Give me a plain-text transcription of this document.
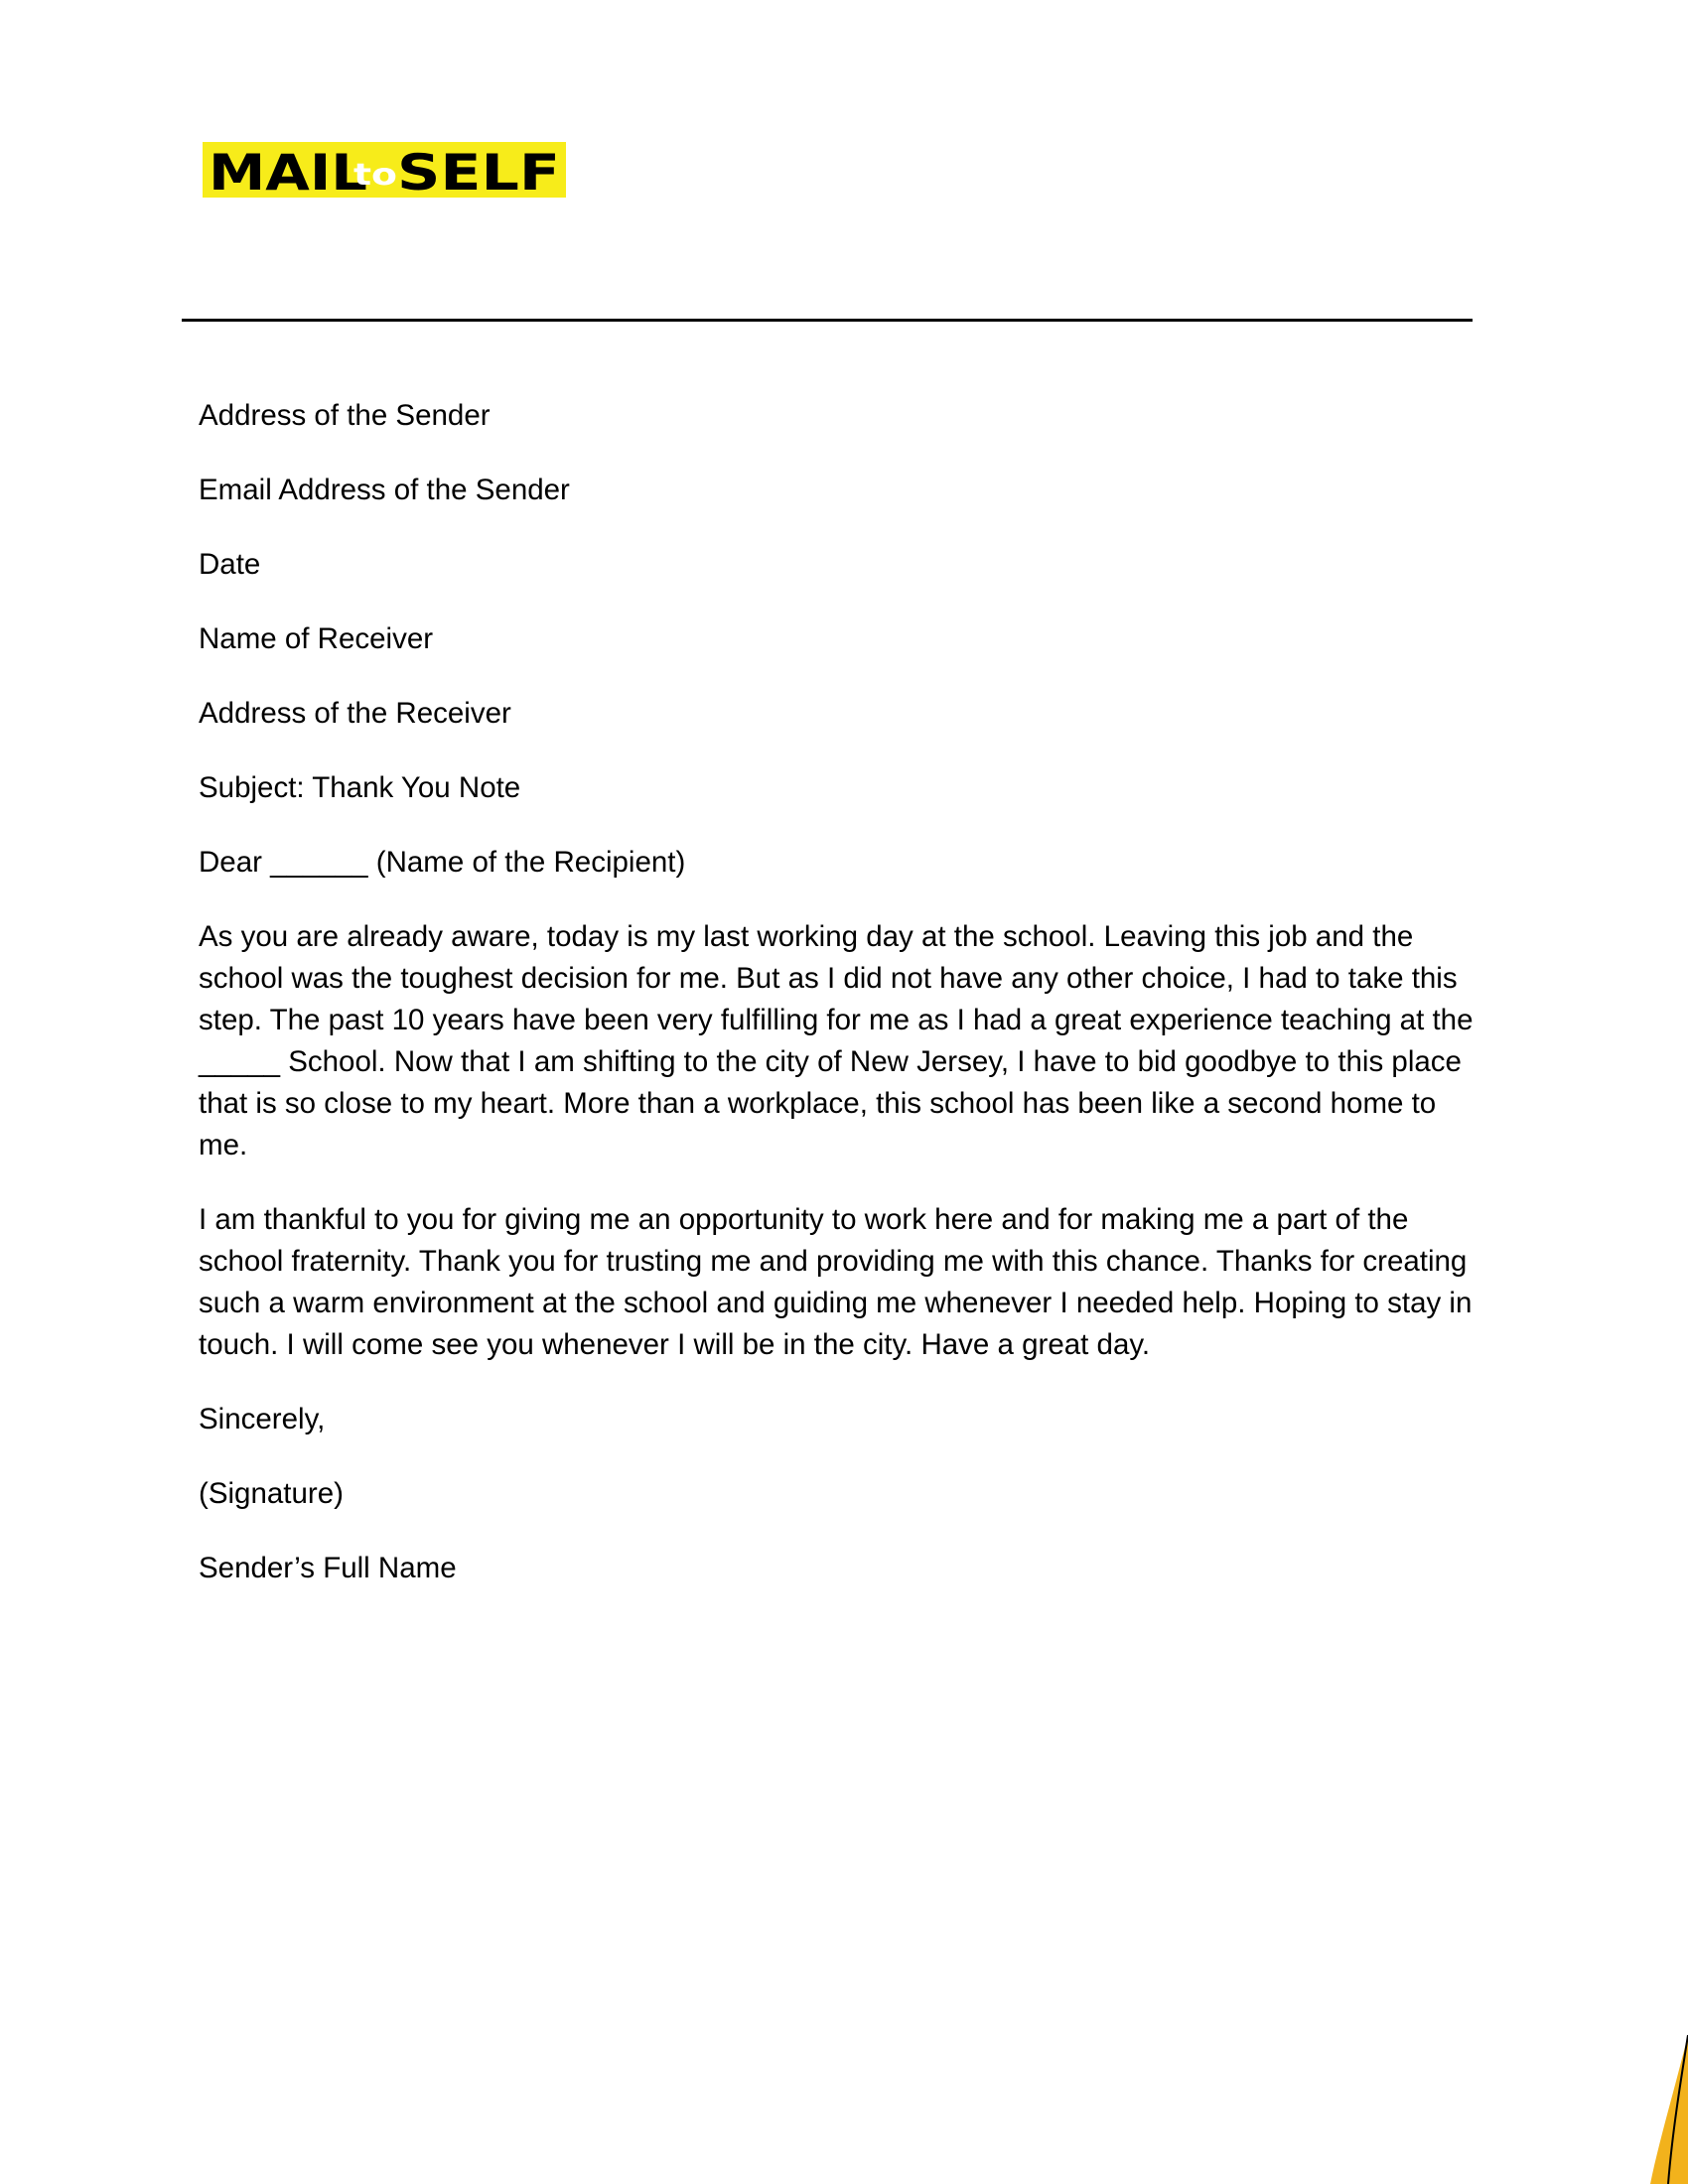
MAIL
to SELF

Address of the Sender

Email Address of the Sender

Date

Name of Receiver

Address of the Receiver

Subject: Thank You Note

Dear ______ (Name of the Recipient)

As you are already aware, today is my last working day at the school. Leaving this job and the school was the toughest decision for me. But as I did not have any other choice, I had to take this step. The past 10 years have been very fulfilling for me as I had a great experience teaching at the _____ School. Now that I am shifting to the city of New Jersey, I have to bid goodbye to this place that is so close to my heart. More than a workplace, this school has been like a second home to me.

I am thankful to you for giving me an opportunity to work here and for making me a part of the school fraternity. Thank you for trusting me and providing me with this chance. Thanks for creating such a warm environment at the school and guiding me whenever I needed help. Hoping to stay in touch. I will come see you whenever I will be in the city. Have a great day.

Sincerely,

(Signature)

Sender’s Full Name
